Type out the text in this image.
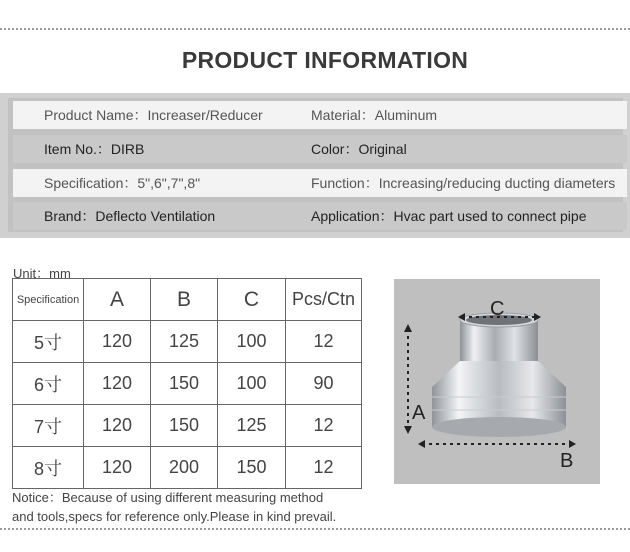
PRODUCT INFORMATION
Product Name：Increaser/Reducer	Material：Aluminum
Item No.：DIRB	Color：Original
Specification：5",6",7",8"	Function：Increasing/reducing ducting diameters
Brand：Deflecto Ventilation	Application：Hvac part used to connect pipe
Unit：mm
Specification	A	B	C	Pcs/Ctn
5寸	120	125	100	12
6寸	120	150	100	90
7寸	120	150	125	12
8寸	120	200	150	12
Notice：Because of using different measuring method
and tools,specs for reference only.Please in kind prevail.
C
A
B
